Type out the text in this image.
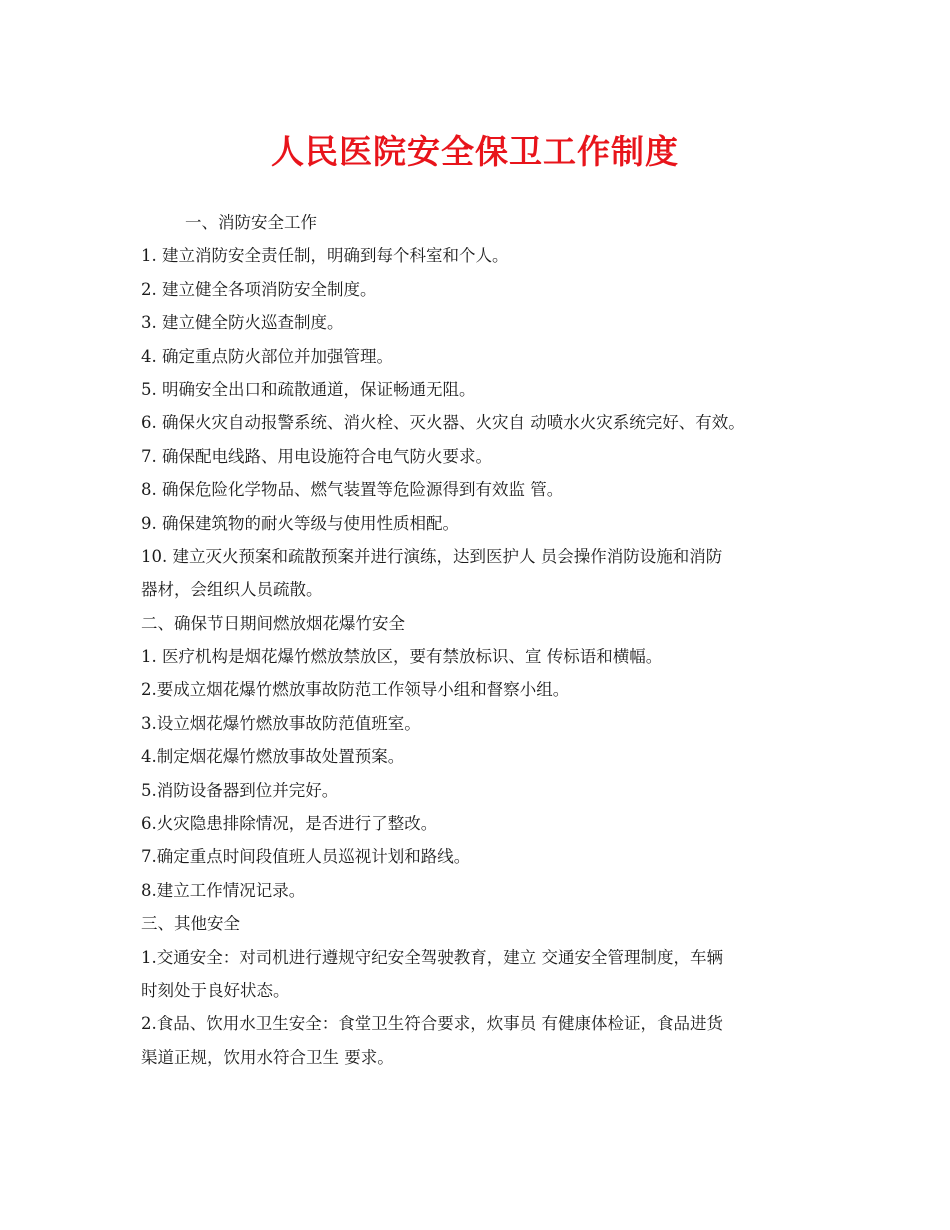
人民医院安全保卫工作制度
一、消防安全工作
1. 建立消防安全责任制，明确到每个科室和个人。
2. 建立健全各项消防安全制度。
3. 建立健全防火巡查制度。
4. 确定重点防火部位并加强管理。
5. 明确安全出口和疏散通道，保证畅通无阻。
6. 确保火灾自动报警系统、消火栓、灭火器、火灾自 动喷水火灾系统完好、有效。
7. 确保配电线路、用电设施符合电气防火要求。
8. 确保危险化学物品、燃气装置等危险源得到有效监 管。
9. 确保建筑物的耐火等级与使用性质相配。
10. 建立灭火预案和疏散预案并进行演练，达到医护人 员会操作消防设施和消防
器材，会组织人员疏散。
二、确保节日期间燃放烟花爆竹安全
1. 医疗机构是烟花爆竹燃放禁放区，要有禁放标识、宣 传标语和横幅。
2.要成立烟花爆竹燃放事故防范工作领导小组和督察小组。
3.设立烟花爆竹燃放事故防范值班室。
4.制定烟花爆竹燃放事故处置预案。
5.消防设备器到位并完好。
6.火灾隐患排除情况，是否进行了整改。
7.确定重点时间段值班人员巡视计划和路线。
8.建立工作情况记录。
三、其他安全
1.交通安全：对司机进行遵规守纪安全驾驶教育，建立 交通安全管理制度，车辆
时刻处于良好状态。
2.食品、饮用水卫生安全：食堂卫生符合要求，炊事员 有健康体检证，食品进货
渠道正规，饮用水符合卫生 要求。
